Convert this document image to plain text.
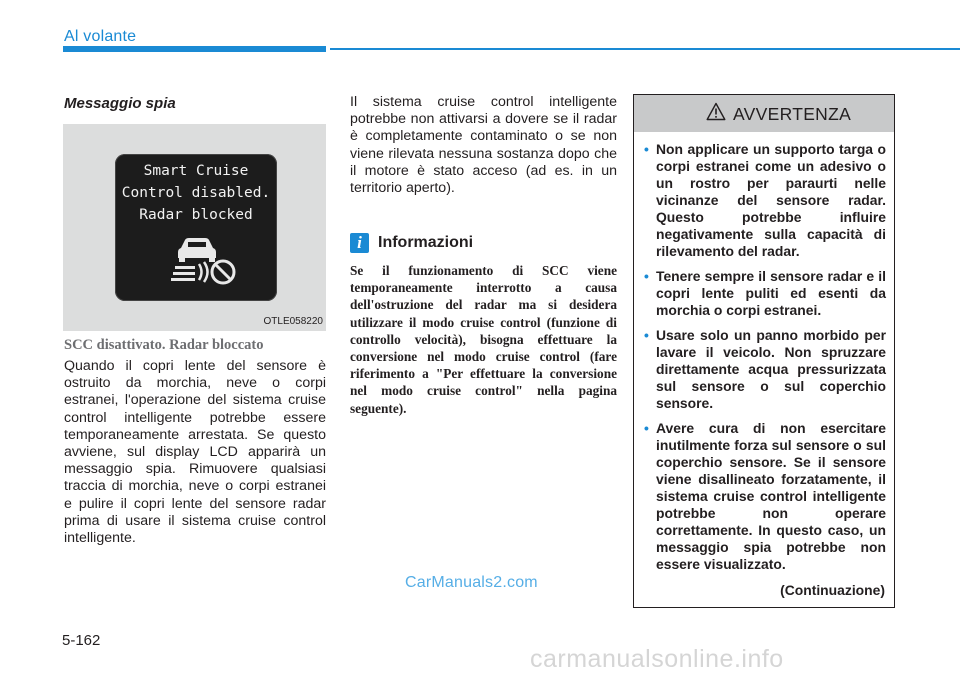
Al volante
Messaggio spia
Smart Cruise
Control disabled.
Radar blocked
OTLE058220
SCC disattivato. Radar bloccato
Quando il copri lente del sensore è ostruito da morchia, neve o corpi estranei, l'operazione del sistema cruise control intelligente potrebbe essere temporaneamente arrestata. Se questo avviene, sul display LCD apparirà un messaggio spia. Rimuovere qualsiasi traccia di morchia, neve o corpi estranei e pulire il copri lente del sensore radar prima di usare il sistema cruise control intelligente.
Il sistema cruise control intelligente potrebbe non attivarsi a dovere se il radar è completamente contaminato o se non viene rilevata nessuna sostanza dopo che il motore è stato acceso (ad es. in un territorio aperto).
i	Informazioni
Se il funzionamento di SCC viene temporaneamente interrotto a causa dell'ostruzione del radar ma si desidera utilizzare il modo cruise control (funzione di controllo velocità), bisogna effettuare la conversione nel modo cruise control (fare riferimento a "Per effettuare la conversione nel modo cruise control" nella pagina seguente).
AVVERTENZA
• Non applicare un supporto targa o corpi estranei come un adesivo o un rostro per paraurti nelle vicinanze del sensore radar. Questo potrebbe influire negativamente sulla capacità di rilevamento del radar.
• Tenere sempre il sensore radar e il copri lente puliti ed esenti da morchia o corpi estranei.
• Usare solo un panno morbido per lavare il veicolo. Non spruzzare direttamente acqua pressurizzata sul sensore o sul coperchio sensore.
• Avere cura di non esercitare inutilmente forza sul sensore o sul coperchio sensore. Se il sensore viene disallineato forzatamente, il sistema cruise control intelligente potrebbe non operare correttamente. In questo caso, un messaggio spia potrebbe non essere visualizzato.
(Continuazione)
CarManuals2.com
5-162
carmanualsonline.info
